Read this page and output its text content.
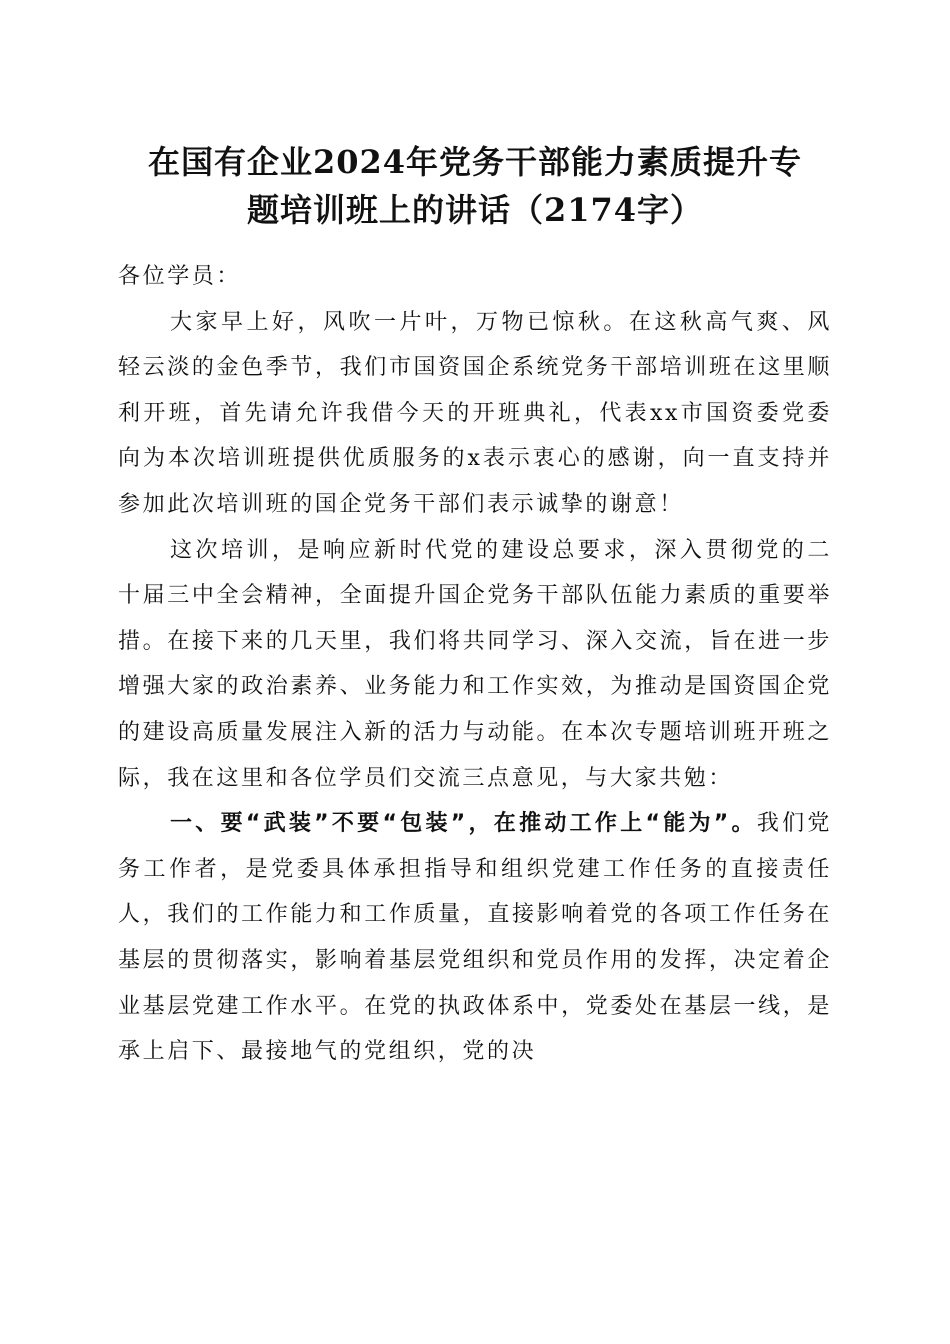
在国有企业2024年党务干部能力素质提升专
题培训班上的讲话（2174字）

各位学员：

大家早上好，风吹一片叶，万物已惊秋。在这秋高气爽、风轻云淡的金色季节，我们市国资国企系统党务干部培训班在这里顺利开班，首先请允许我借今天的开班典礼，代表xx市国资委党委向为本次培训班提供优质服务的x表示衷心的感谢，向一直支持并参加此次培训班的国企党务干部们表示诚挚的谢意！

这次培训，是响应新时代党的建设总要求，深入贯彻党的二十届三中全会精神，全面提升国企党务干部队伍能力素质的重要举措。在接下来的几天里，我们将共同学习、深入交流，旨在进一步增强大家的政治素养、业务能力和工作实效，为推动是国资国企党的建设高质量发展注入新的活力与动能。在本次专题培训班开班之际，我在这里和各位学员们交流三点意见，与大家共勉：

一、要“武装”不要“包装”，在推动工作上“能为”。我们党务工作者，是党委具体承担指导和组织党建工作任务的直接责任人，我们的工作能力和工作质量，直接影响着党的各项工作任务在基层的贯彻落实，影响着基层党组织和党员作用的发挥，决定着企业基层党建工作水平。在党的执政体系中，党委处在基层一线，是承上启下、最接地气的党组织，党的决
